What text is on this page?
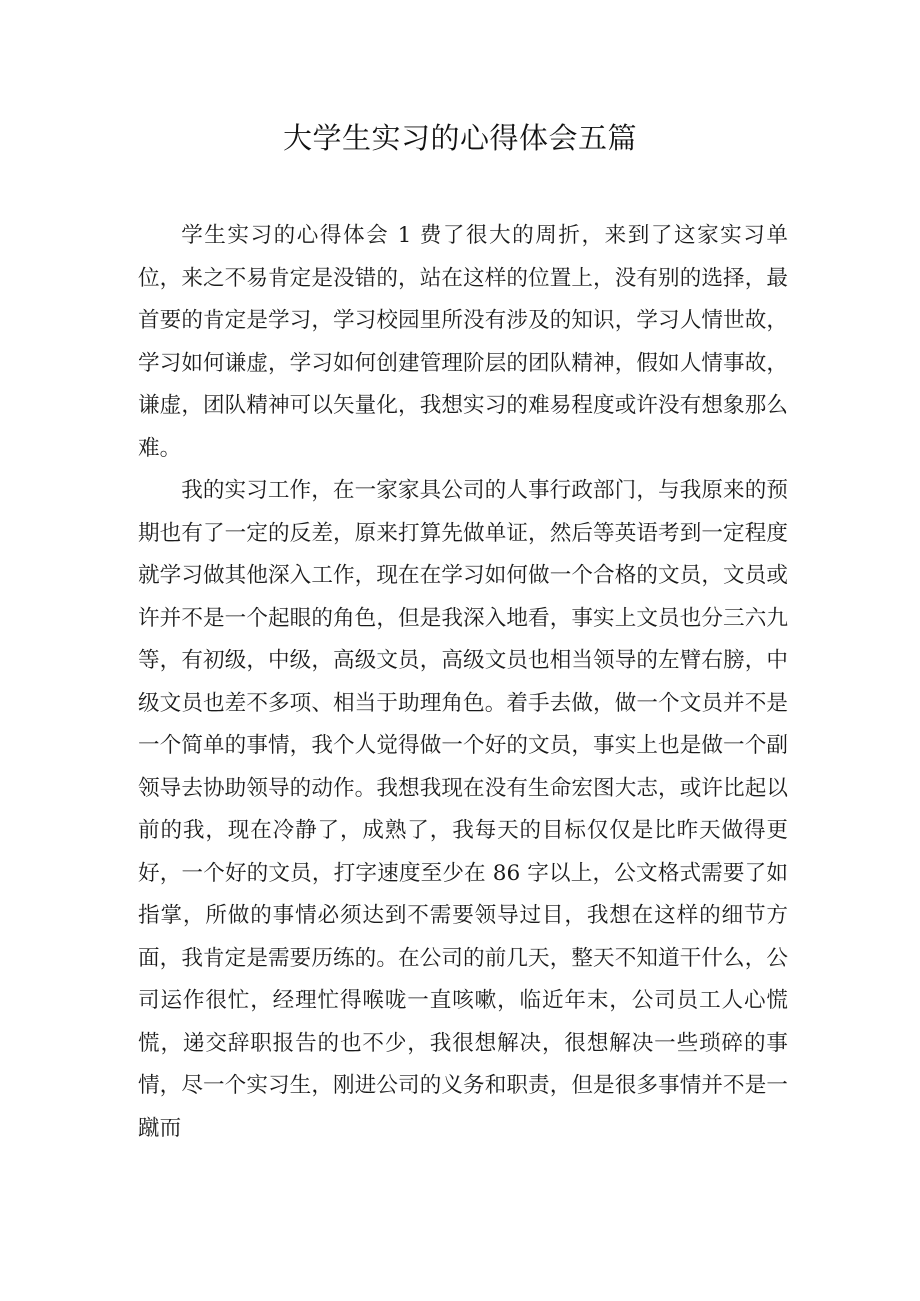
大学生实习的心得体会五篇

学生实习的心得体会 1 费了很大的周折，来到了这家实习单位，来之不易肯定是没错的，站在这样的位置上，没有别的选择，最首要的肯定是学习，学习校园里所没有涉及的知识，学习人情世故，学习如何谦虚，学习如何创建管理阶层的团队精神，假如人情事故，谦虚，团队精神可以矢量化，我想实习的难易程度或许没有想象那么难。

我的实习工作，在一家家具公司的人事行政部门，与我原来的预期也有了一定的反差，原来打算先做单证，然后等英语考到一定程度就学习做其他深入工作，现在在学习如何做一个合格的文员，文员或许并不是一个起眼的角色，但是我深入地看，事实上文员也分三六九等，有初级，中级，高级文员，高级文员也相当领导的左臂右膀，中级文员也差不多项、相当于助理角色。着手去做，做一个文员并不是一个简单的事情，我个人觉得做一个好的文员，事实上也是做一个副领导去协助领导的动作。我想我现在没有生命宏图大志，或许比起以前的我，现在冷静了，成熟了，我每天的目标仅仅是比昨天做得更好，一个好的文员，打字速度至少在 86 字以上，公文格式需要了如指掌，所做的事情必须达到不需要领导过目，我想在这样的细节方面，我肯定是需要历练的。在公司的前几天，整天不知道干什么，公司运作很忙，经理忙得喉咙一直咳嗽，临近年末，公司员工人心慌慌，递交辞职报告的也不少，我很想解决，很想解决一些琐碎的事情，尽一个实习生，刚进公司的义务和职责，但是很多事情并不是一蹴而
